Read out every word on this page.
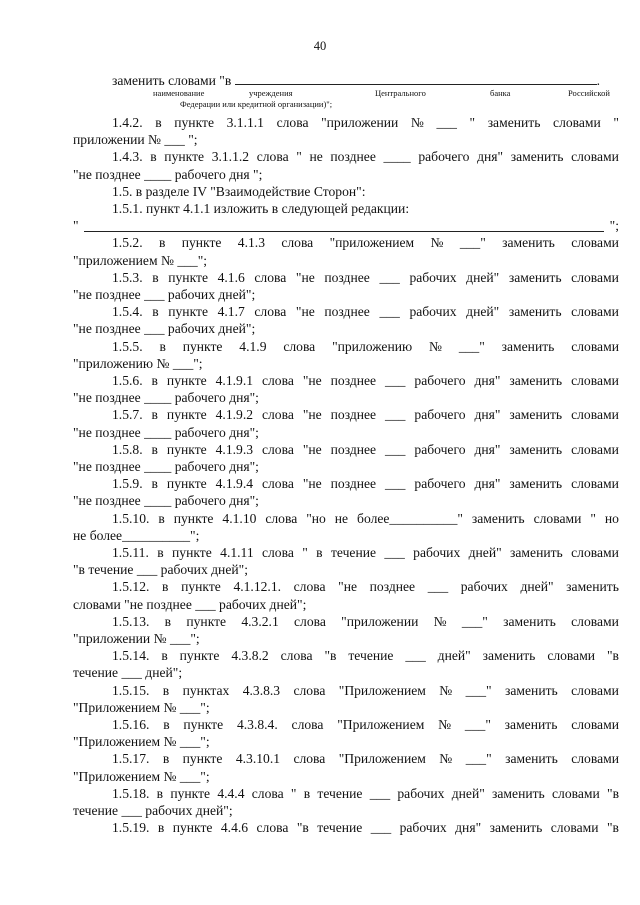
40
заменить словами "в	.
наименование	учреждения	Центрального	банка	Российской
Федерации или кредитной организации)";
1.4.2. в пункте 3.1.1.1 слова "приложении № ___ " заменить словами "
приложении № ___ ";
1.4.3. в пункте 3.1.1.2 слова " не позднее ____ рабочего дня" заменить словами
"не позднее ____ рабочего дня ";
1.5. в разделе IV "Взаимодействие Сторон":
1.5.1. пункт 4.1.1 изложить в следующей редакции:
"	";
1.5.2. в пункте 4.1.3 слова "приложением № ___" заменить словами
"приложением № ___";
1.5.3. в пункте 4.1.6 слова "не позднее ___ рабочих дней" заменить словами
"не позднее ___ рабочих дней";
1.5.4. в пункте 4.1.7 слова "не позднее ___ рабочих дней" заменить словами
"не позднее ___ рабочих дней";
1.5.5. в пункте 4.1.9 слова "приложению № ___" заменить словами
"приложению № ___";
1.5.6. в пункте 4.1.9.1 слова "не позднее ___ рабочего дня" заменить словами
"не позднее ____ рабочего дня";
1.5.7. в пункте 4.1.9.2 слова "не позднее ___ рабочего дня" заменить словами
"не позднее ____ рабочего дня";
1.5.8. в пункте 4.1.9.3 слова "не позднее ___ рабочего дня" заменить словами
"не позднее ____ рабочего дня";
1.5.9. в пункте 4.1.9.4 слова "не позднее ___ рабочего дня" заменить словами
"не позднее ____ рабочего дня";
1.5.10. в пункте 4.1.10 слова "но не более__________" заменить словами " но
не более__________";
1.5.11. в пункте 4.1.11 слова " в течение ___ рабочих дней" заменить словами
"в течение ___ рабочих дней";
1.5.12. в пункте 4.1.12.1. слова "не позднее ___ рабочих дней" заменить
словами "не позднее ___ рабочих дней";
1.5.13. в пункте 4.3.2.1 слова "приложении № ___" заменить словами
"приложении № ___";
1.5.14. в пункте 4.3.8.2 слова "в течение ___ дней" заменить словами "в
течение ___ дней";
1.5.15. в пунктах 4.3.8.3 слова "Приложением № ___" заменить словами
"Приложением № ___";
1.5.16. в пункте 4.3.8.4. слова "Приложением № ___" заменить словами
"Приложением № ___";
1.5.17. в пункте 4.3.10.1 слова "Приложением № ___" заменить словами
"Приложением № ___";
1.5.18. в пункте 4.4.4 слова " в течение ___ рабочих дней" заменить словами "в
течение ___ рабочих дней";
1.5.19. в пункте 4.4.6 слова "в течение ___ рабочих дня" заменить словами "в
